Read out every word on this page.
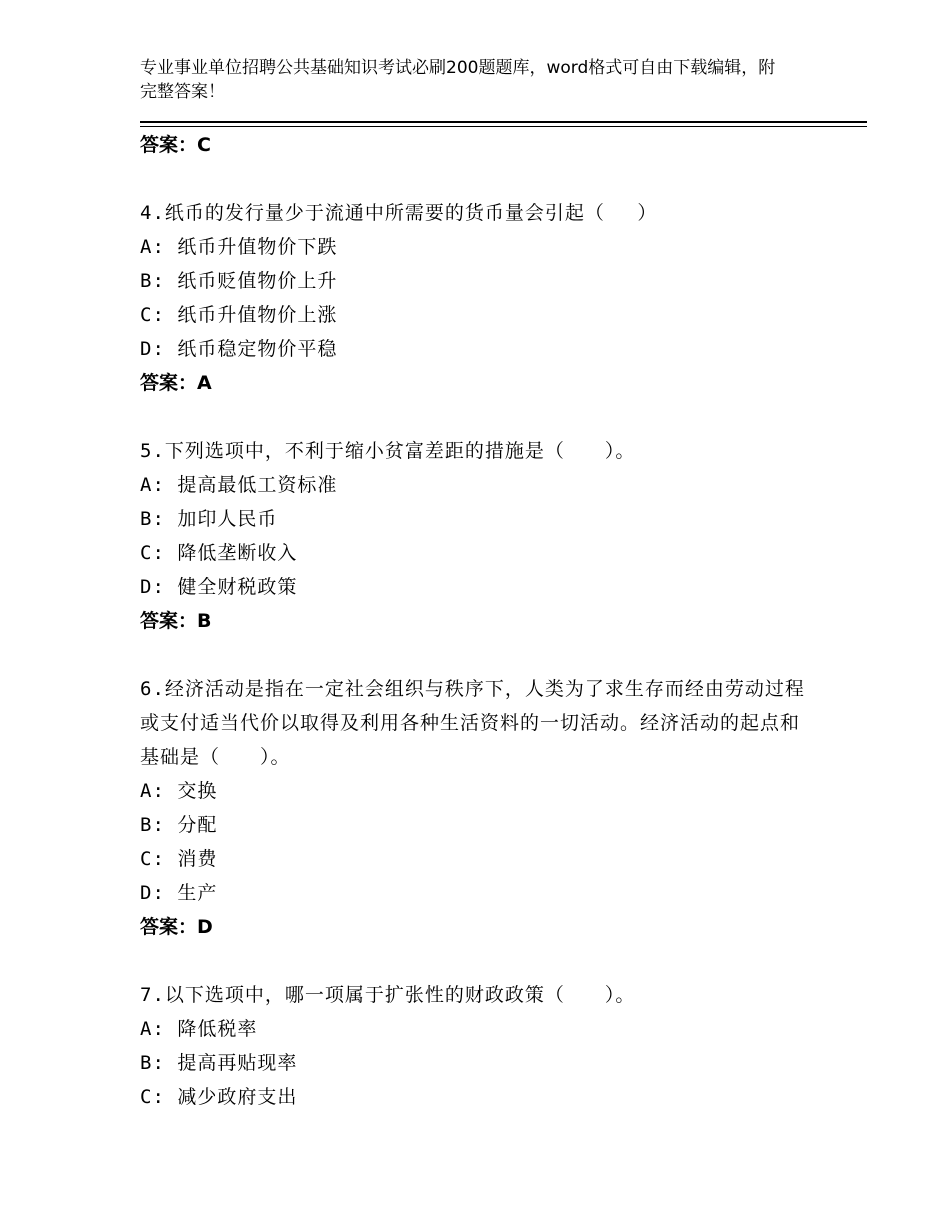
专业事业单位招聘公共基础知识考试必刷200题题库，word格式可自由下载编辑，附完整答案！
答案：C

4.纸币的发行量少于流通中所需要的货币量会引起（　 ）

A: 纸币升值物价下跌

B: 纸币贬值物价上升

C: 纸币升值物价上涨

D: 纸币稳定物价平稳

答案：A

5.下列选项中，不利于缩小贫富差距的措施是（　　）。

A: 提高最低工资标准

B: 加印人民币

C: 降低垄断收入

D: 健全财税政策

答案：B

6.经济活动是指在一定社会组织与秩序下，人类为了求生存而经由劳动过程或支付适当代价以取得及利用各种生活资料的一切活动。经济活动的起点和基础是（　　）。

A: 交换

B: 分配

C: 消费

D: 生产

答案：D

7.以下选项中，哪一项属于扩张性的财政政策（　　）。

A: 降低税率

B: 提高再贴现率

C: 减少政府支出
